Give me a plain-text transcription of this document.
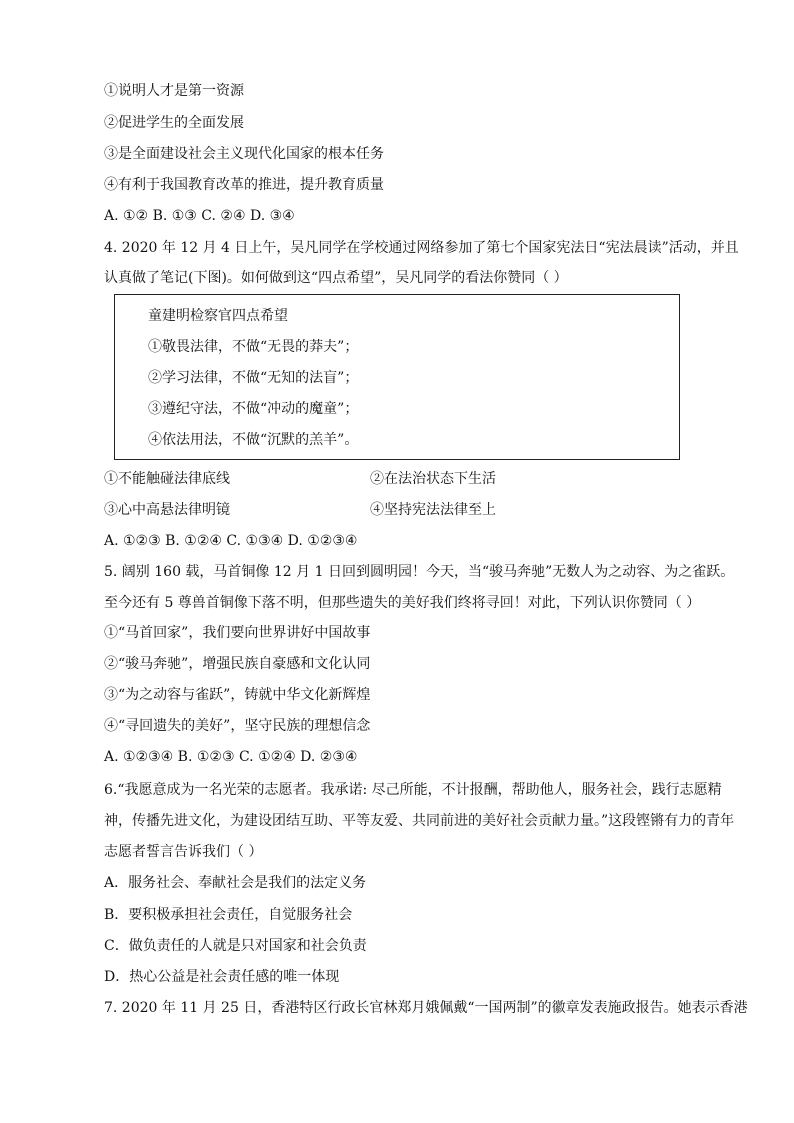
①说明人才是第一资源
②促进学生的全面发展
③是全面建设社会主义现代化国家的根本任务
④有利于我国教育改革的推进，提升教育质量
A. ①② B. ①③ C. ②④ D. ③④
4. 2020 年 12 月 4 日上午，吴凡同学在学校通过网络参加了第七个国家宪法日“宪法晨读”活动，并且
认真做了笔记(下图)。如何做到这“四点希望”，吴凡同学的看法你赞同（ ）
童建明检察官四点希望
①敬畏法律，不做“无畏的莽夫”；
②学习法律，不做“无知的法盲”；
③遵纪守法，不做“冲动的魔童”；
④依法用法，不做“沉默的羔羊”。
①不能触碰法律底线	②在法治状态下生活
③心中高悬法律明镜	④坚持宪法法律至上
A. ①②③ B. ①②④ C. ①③④ D. ①②③④
5. 阔别 160 载，马首铜像 12 月 1 日回到圆明园！今天，当“骏马奔驰”无数人为之动容、为之雀跃。
至今还有 5 尊兽首铜像下落不明，但那些遗失的美好我们终将寻回！对此，下列认识你赞同（ ）
①“马首回家”，我们要向世界讲好中国故事
②“骏马奔驰”，增强民族自豪感和文化认同
③“为之动容与雀跃”，铸就中华文化新辉煌
④“寻回遗失的美好”，坚守民族的理想信念
A. ①②③④ B. ①②③ C. ①②④ D. ②③④
6.“我愿意成为一名光荣的志愿者。我承诺: 尽己所能，不计报酬，帮助他人，服务社会，践行志愿精
神，传播先进文化，为建设团结互助、平等友爱、共同前进的美好社会贡献力量。”这段铿锵有力的青年
志愿者誓言告诉我们（ ）
A．服务社会、奉献社会是我们的法定义务
B．要积极承担社会责任，自觉服务社会
C．做负责任的人就是只对国家和社会负责
D．热心公益是社会责任感的唯一体现
7. 2020 年 11 月 25 日，香港特区行政长官林郑月娥佩戴“一国两制”的徽章发表施政报告。她表示香港
